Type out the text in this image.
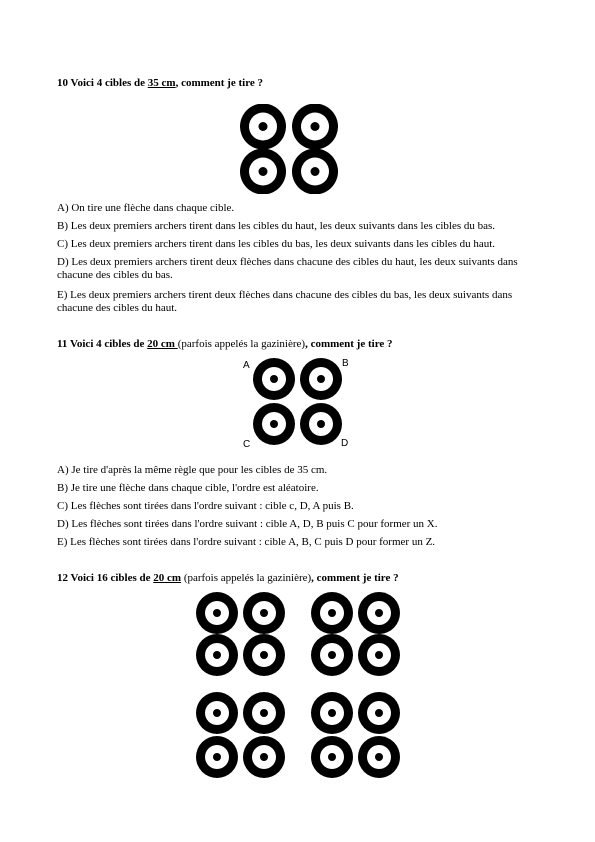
10 Voici 4 cibles de 35 cm, comment je tire ?

A) On tire une flèche dans chaque cible.

B) Les deux premiers archers tirent dans les cibles du haut, les deux suivants dans les cibles du bas.

C) Les deux premiers archers tirent dans les cibles du bas, les deux suivants dans les cibles du haut.

D) Les deux premiers archers tirent deux flèches dans chacune des cibles du haut, les deux suivants dans chacune des cibles du bas.

E) Les deux premiers archers tirent deux flèches dans chacune des cibles du bas, les deux suivants dans chacune des cibles du haut.

11 Voici 4 cibles de 20 cm (parfois appelés la gazinière), comment je tire ?
A	B
C	D

A) Je tire d'après la même règle que pour les cibles de 35 cm.

B) Je tire une flèche dans chaque cible, l'ordre est aléatoire.

C) Les flèches sont tirées dans l'ordre suivant : cible c, D, A puis B.

D) Les flèches sont tirées dans l'ordre suivant : cible A, D, B puis C pour former un X.

E) Les flèches sont tirées dans l'ordre suivant : cible A, B, C puis D pour former un Z.

12 Voici 16 cibles de 20 cm (parfois appelés la gazinière), comment je tire ?
